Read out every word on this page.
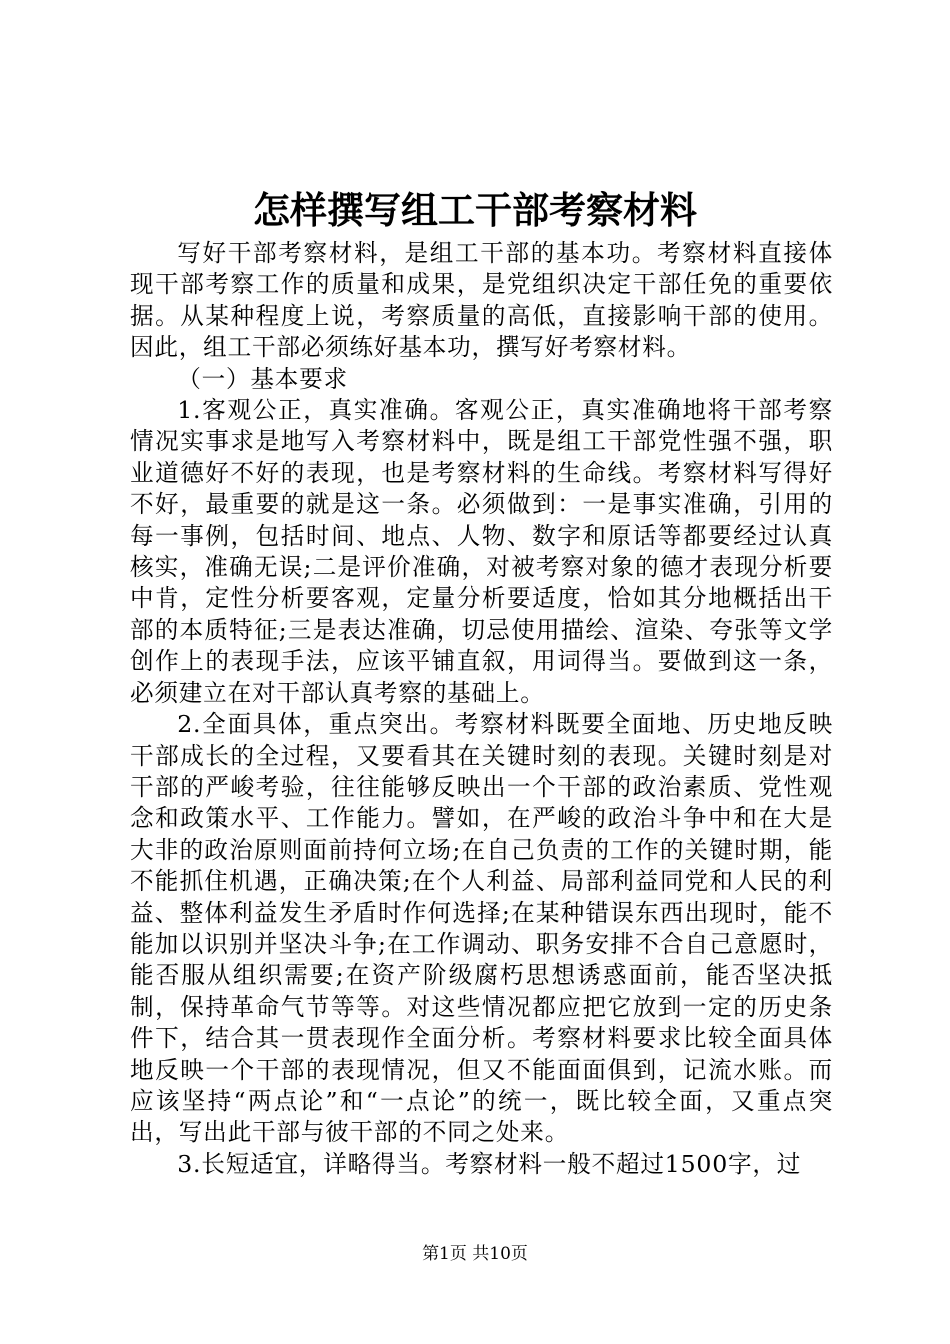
怎样撰写组工干部考察材料

写好干部考察材料，是组工干部的基本功。考察材料直接体现干部考察工作的质量和成果，是党组织决定干部任免的重要依据。从某种程度上说，考察质量的高低，直接影响干部的使用。因此，组工干部必须练好基本功，撰写好考察材料。

（一）基本要求

1.客观公正，真实准确。客观公正，真实准确地将干部考察情况实事求是地写入考察材料中，既是组工干部党性强不强，职业道德好不好的表现，也是考察材料的生命线。考察材料写得好不好，最重要的就是这一条。必须做到：一是事实准确，引用的每一事例，包括时间、地点、人物、数字和原话等都要经过认真核实，准确无误;二是评价准确，对被考察对象的德才表现分析要中肯，定性分析要客观，定量分析要适度，恰如其分地概括出干部的本质特征;三是表达准确，切忌使用描绘、渲染、夸张等文学创作上的表现手法，应该平铺直叙，用词得当。要做到这一条，必须建立在对干部认真考察的基础上。

2.全面具体，重点突出。考察材料既要全面地、历史地反映干部成长的全过程，又要看其在关键时刻的表现。关键时刻是对干部的严峻考验，往往能够反映出一个干部的政治素质、党性观念和政策水平、工作能力。譬如，在严峻的政治斗争中和在大是大非的政治原则面前持何立场;在自己负责的工作的关键时期，能不能抓住机遇，正确决策;在个人利益、局部利益同党和人民的利益、整体利益发生矛盾时作何选择;在某种错误东西出现时，能不能加以识别并坚决斗争;在工作调动、职务安排不合自己意愿时，能否服从组织需要;在资产阶级腐朽思想诱惑面前，能否坚决抵制，保持革命气节等等。对这些情况都应把它放到一定的历史条件下，结合其一贯表现作全面分析。考察材料要求比较全面具体地反映一个干部的表现情况，但又不能面面俱到，记流水账。而应该坚持“两点论”和“一点论”的统一，既比较全面，又重点突出，写出此干部与彼干部的不同之处来。

3.长短适宜，详略得当。考察材料一般不超过1500字，过

第1页 共10页
